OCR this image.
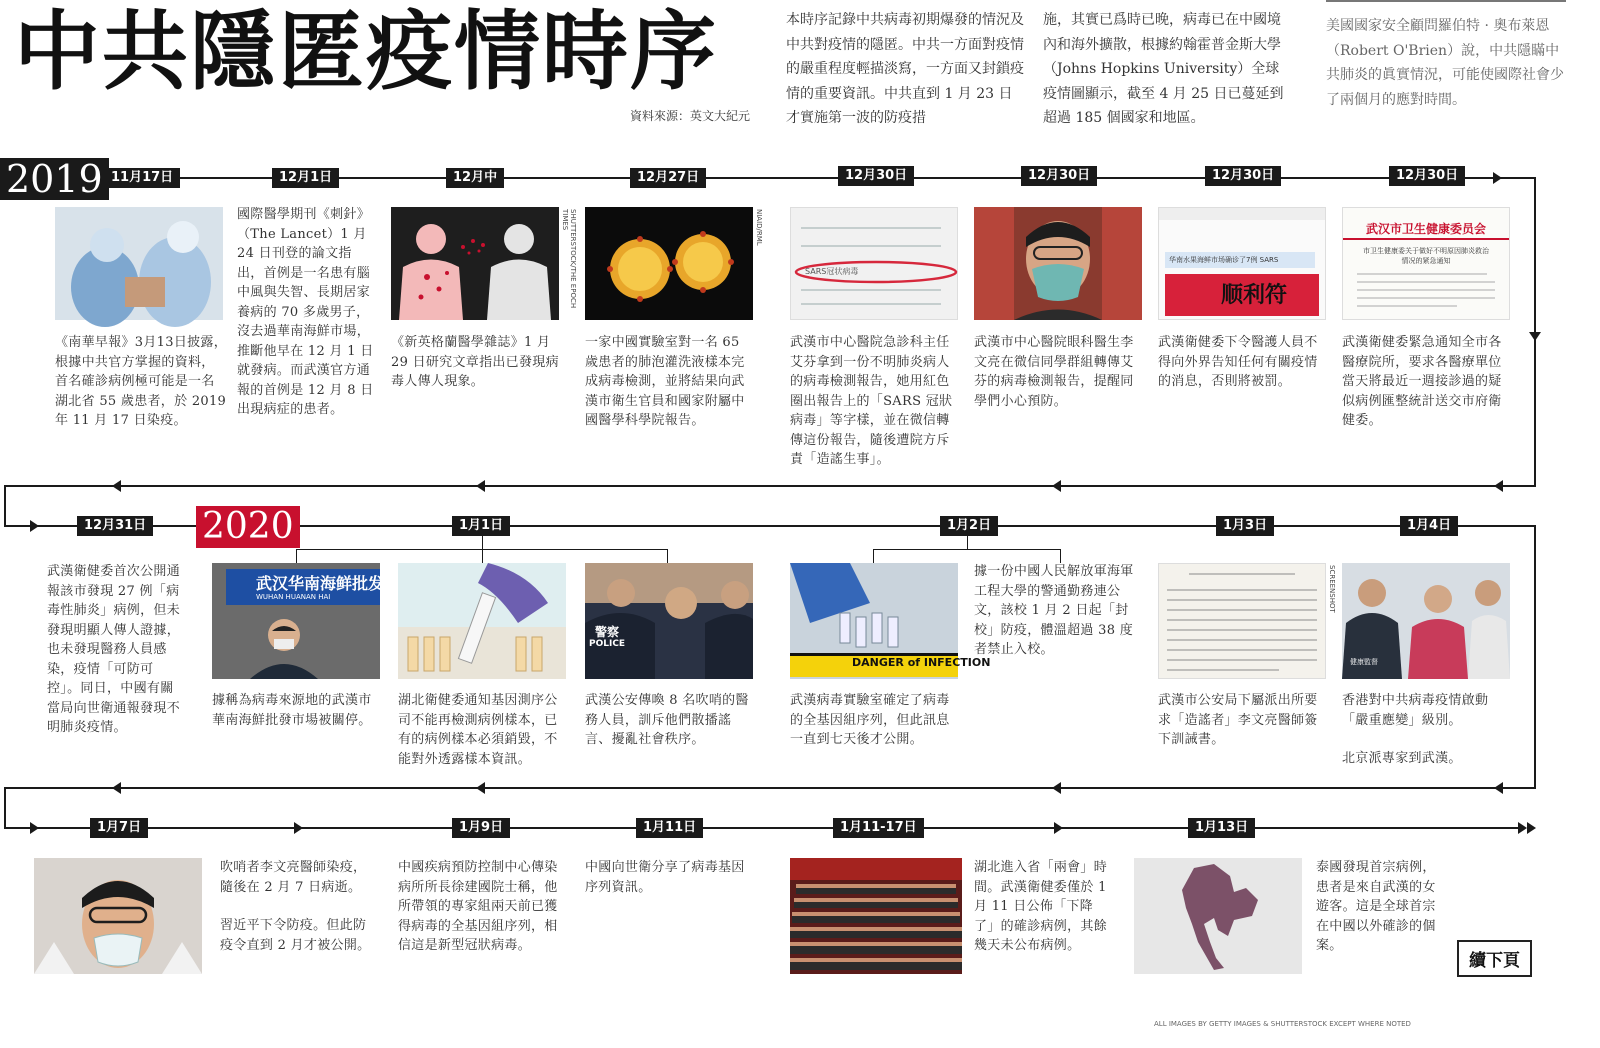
中共隱匿疫情時序
資料來源：英文大紀元
本時序記錄中共病毒初期爆發的情況及中共對疫情的隱匿。中共一方面對疫情的嚴重程度輕描淡寫，一方面又封鎖疫情的重要資訊。中共直到 1 月 23 日才實施第一波的防疫措
施，其實已爲時已晚，病毒已在中國境內和海外擴散，根據約翰霍普金斯大學（Johns Hopkins University）全球疫情圖顯示，截至 4 月 25 日已蔓延到超過 185 個國家和地區。
美國國家安全顧問羅伯特 · 奧布萊恩（Robert O'Brien）說，中共隱瞞中共肺炎的眞實情況，可能使國際社會少了兩個月的應對時間。
2019 11月17日
《南華早報》3月13日披露，根據中共官方掌握的資料，首名確診病例極可能是一名湖北省 55 歲患者，於 2019 年 11 月 17 日染疫。
12月1日
國際醫學期刊《刺針》（The Lancet）1 月 24 日刊登的論文指出，首例是一名患有腦中風與失智、長期居家養病的 70 多歲男子，沒去過華南海鮮市場，推斷他早在 12 月 1 日就發病。而武漢官方通報的首例是 12 月 8 日出現病症的患者。
12月中
SHUTTERSTOCK/THE EPOCH TIMES
《新英格蘭醫學雜誌》1 月 29 日研究文章指出已發現病毒人傳人現象。
12月27日
NIAID/RML
一家中國實驗室對一名 65 歲患者的肺泡灌洗液樣本完成病毒檢測，並將結果向武漢市衛生官員和國家附屬中國醫學科學院報告。
12月30日
SARS冠状病毒
武漢市中心醫院急診科主任艾芬拿到一份不明肺炎病人的病毒檢測報告，她用紅色圈出報告上的「SARS 冠狀病毒」等字樣，並在微信轉傳這份報告，隨後遭院方斥責「造謠生事」。
12月30日
武漢市中心醫院眼科醫生李文亮在微信同學群組轉傳艾芬的病毒檢測報告，提醒同學們小心預防。
12月30日
华南水果海鲜市场确诊了7例 SARS
顺利符
武漢衛健委下令醫護人員不得向外界告知任何有關疫情的消息，否則將被罰。
12月30日
武汉市卫生健康委员会
市卫生健康委关于做好不明原因肺炎救治情况的紧急通知
武漢衛健委緊急通知全市各醫療院所，要求各醫療單位當天將最近一週接診過的疑似病例匯整統計送交市府衛健委。
12月31日
武漢衛健委首次公開通報該市發現 27 例「病毒性肺炎」病例，但未發現明顯人傳人證據，也未發現醫務人員感染，疫情「可防可控」。同日，中國有關當局向世衛通報發現不明肺炎疫情。
2020	1月1日
武汉华南海鲜批发
WUHAN HUANAN HAI
據稱為病毒來源地的武漢市華南海鮮批發市場被關停。
湖北衛健委通知基因測序公司不能再檢測病例樣本，已有的病例樣本必須銷毀，不能對外透露樣本資訊。
警察
POLICE
武漢公安傳喚 8 名吹哨的醫務人員，訓斥他們散播謠言、擾亂社會秩序。
1月2日
DANGER of INFECTION
武漢病毒實驗室確定了病毒的全基因組序列，但此訊息一直到七天後才公開。
據一份中國人民解放軍海軍工程大學的警通勤務連公文，該校 1 月 2 日起「封校」防疫，體溫超過 38 度者禁止入校。
1月3日
SCREENSHOT
武漢市公安局下屬派出所要求「造謠者」李文亮醫師簽下訓誡書。
1月4日
健康監督
香港對中共病毒疫情啟動「嚴重應變」級別。
北京派專家到武漢。
1月7日
吹哨者李文亮醫師染疫，隨後在 2 月 7 日病逝。
習近平下令防疫。但此防疫令直到 2 月才被公開。
1月9日
中國疾病預防控制中心傳染病所所長徐建國院士稱，他所帶領的專家組兩天前已獲得病毒的全基因組序列，相信這是新型冠狀病毒。
1月11日
中國向世衛分享了病毒基因序列資訊。
1月11-17日
湖北進入省「兩會」時間。武漢衛健委僅於 1 月 11 日公佈「下降了」的確診病例，其餘幾天未公布病例。
1月13日
泰國發現首宗病例，患者是來自武漢的女遊客。這是全球首宗在中國以外確診的個案。
續下頁
ALL IMAGES BY GETTY IMAGES & SHUTTERSTOCK EXCEPT WHERE NOTED
